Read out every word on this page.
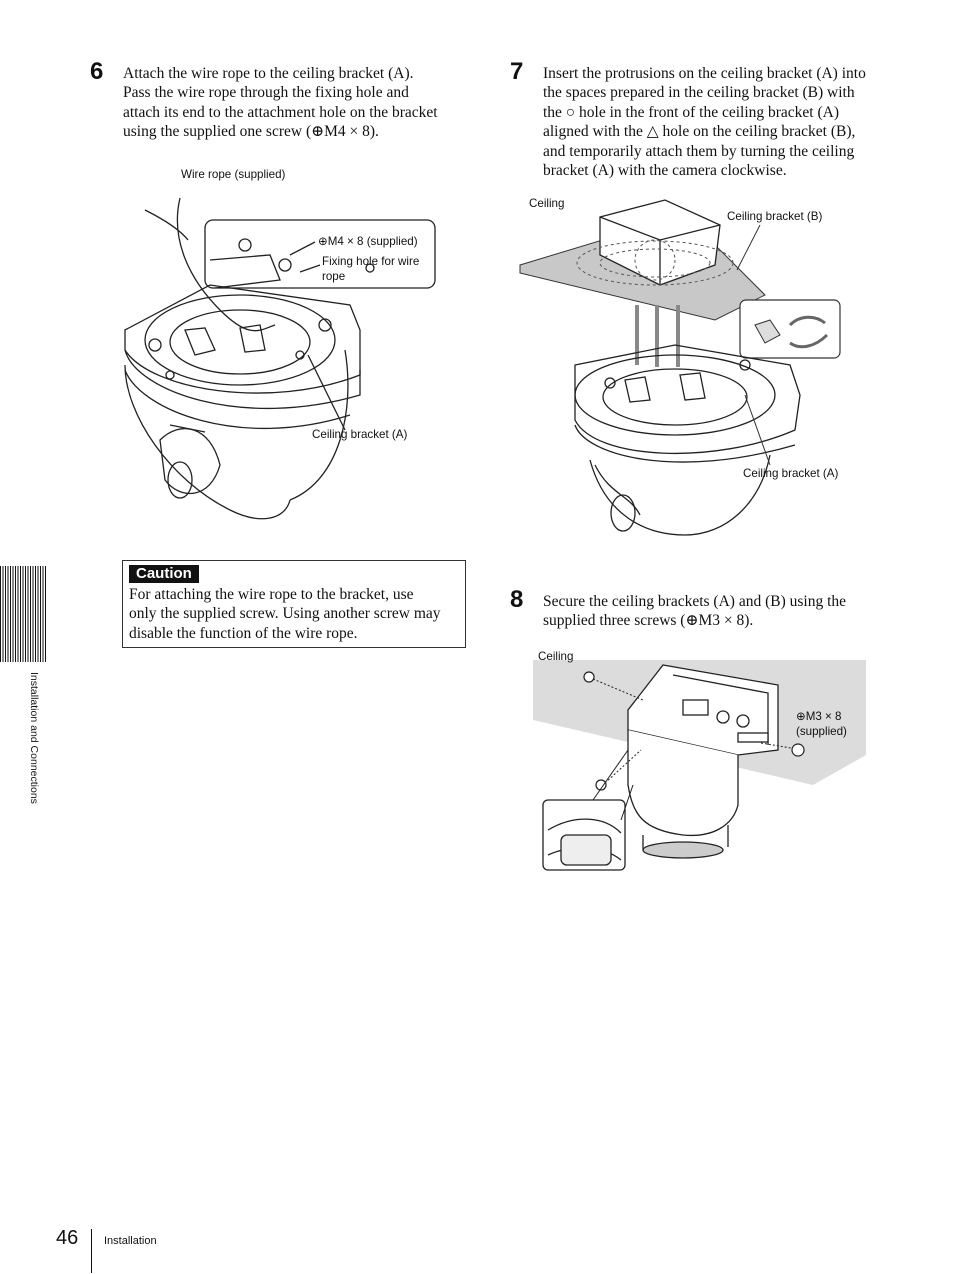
6 Attach the wire rope to the ceiling bracket (A).
Pass the wire rope through the fixing hole and
attach its end to the attachment hole on the bracket
using the supplied one screw (⊕M4 × 8).
Wire rope (supplied)
⊕M4 × 8 (supplied)
Fixing hole for wire
rope
Ceiling bracket (A)
Caution
For attaching the wire rope to the bracket, use
only the supplied screw. Using another screw may
disable the function of the wire rope.
7 Insert the protrusions on the ceiling bracket (A) into
the spaces prepared in the ceiling bracket (B) with
the ○ hole in the front of the ceiling bracket (A)
aligned with the △ hole on the ceiling bracket (B),
and temporarily attach them by turning the ceiling
bracket (A) with the camera clockwise.
Ceiling
Ceiling bracket (B)
Ceiling bracket (A)
8 Secure the ceiling brackets (A) and (B) using the
supplied three screws (⊕M3 × 8).
Ceiling
⊕M3 × 8
(supplied)
Installation and Connections
46 Installation
